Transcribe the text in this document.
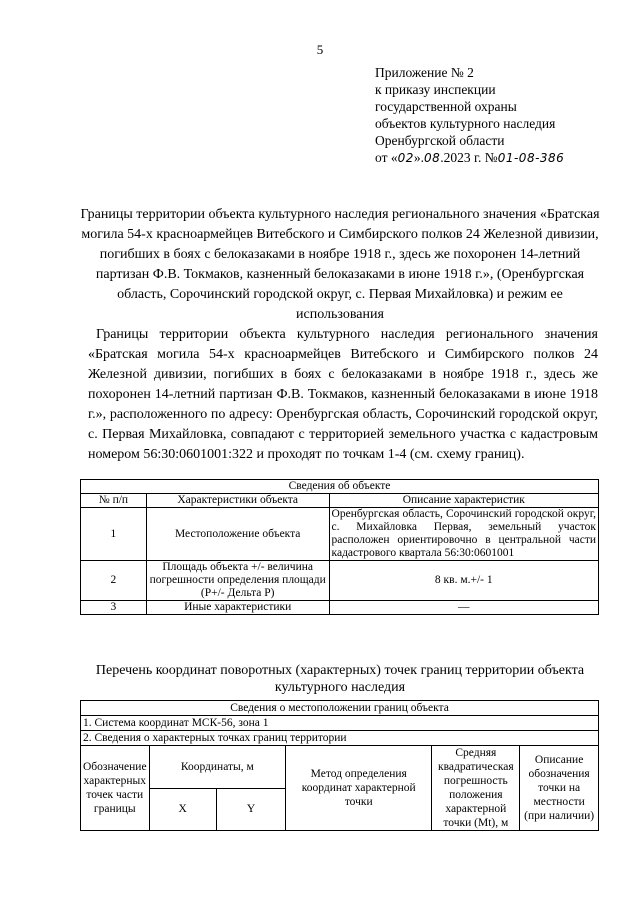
5
Приложение № 2
к приказу инспекции
государственной охраны
объектов культурного наследия
Оренбургской области
от «02».08.2023 г. №01-08-386
Границы территории объекта культурного наследия регионального значения «Братская могила 54-х красноармейцев Витебского и Симбирского полков 24 Железной дивизии, погибших в боях с белоказаками в ноябре 1918 г., здесь же похоронен 14-летний партизан Ф.В. Токмаков, казненный белоказаками в июне 1918 г.», (Оренбургская область, Сорочинский городской округ, с. Первая Михайловка) и режим ее использования
Границы территории объекта культурного наследия регионального значения «Братская могила 54-х красноармейцев Витебского и Симбирского полков 24 Железной дивизии, погибших в боях с белоказаками в ноябре 1918 г., здесь же похоронен 14-летний партизан Ф.В. Токмаков, казненный белоказаками в июне 1918 г.», расположенного по адресу: Оренбургская область, Сорочинский городской округ, с. Первая Михайловка, совпадают с территорией земельного участка с кадастровым номером 56:30:0601001:322 и проходят по точкам 1-4 (см. схему границ).
Сведения об объекте		
№ п/п	Характеристики объекта	Описание характеристик
1	Местоположение объекта	Оренбургская область, Сорочинский городской округ, с. Михайловка Первая, земельный участок расположен ориентировочно в центральной части кадастрового квартала 56:30:0601001
2	Площадь объекта +/- величина погрешности определения площади (P+/- Дельта P)	8 кв. м.+/- 1
3	Иные характеристики	—
Перечень координат поворотных (характерных) точек границ территории объекта культурного наследия
Сведения о местоположении границ объекта					
1. Система координат МСК-56, зона 1					
2. Сведения о характерных точках границ территории					
Обозначение характерных точек части границы	Координаты, м		Метод определения координат характерной точки	Средняя квадратическая погрешность положения характерной точки (Mt), м	Описание обозначения точки на местности (при наличии)
	X	Y			
